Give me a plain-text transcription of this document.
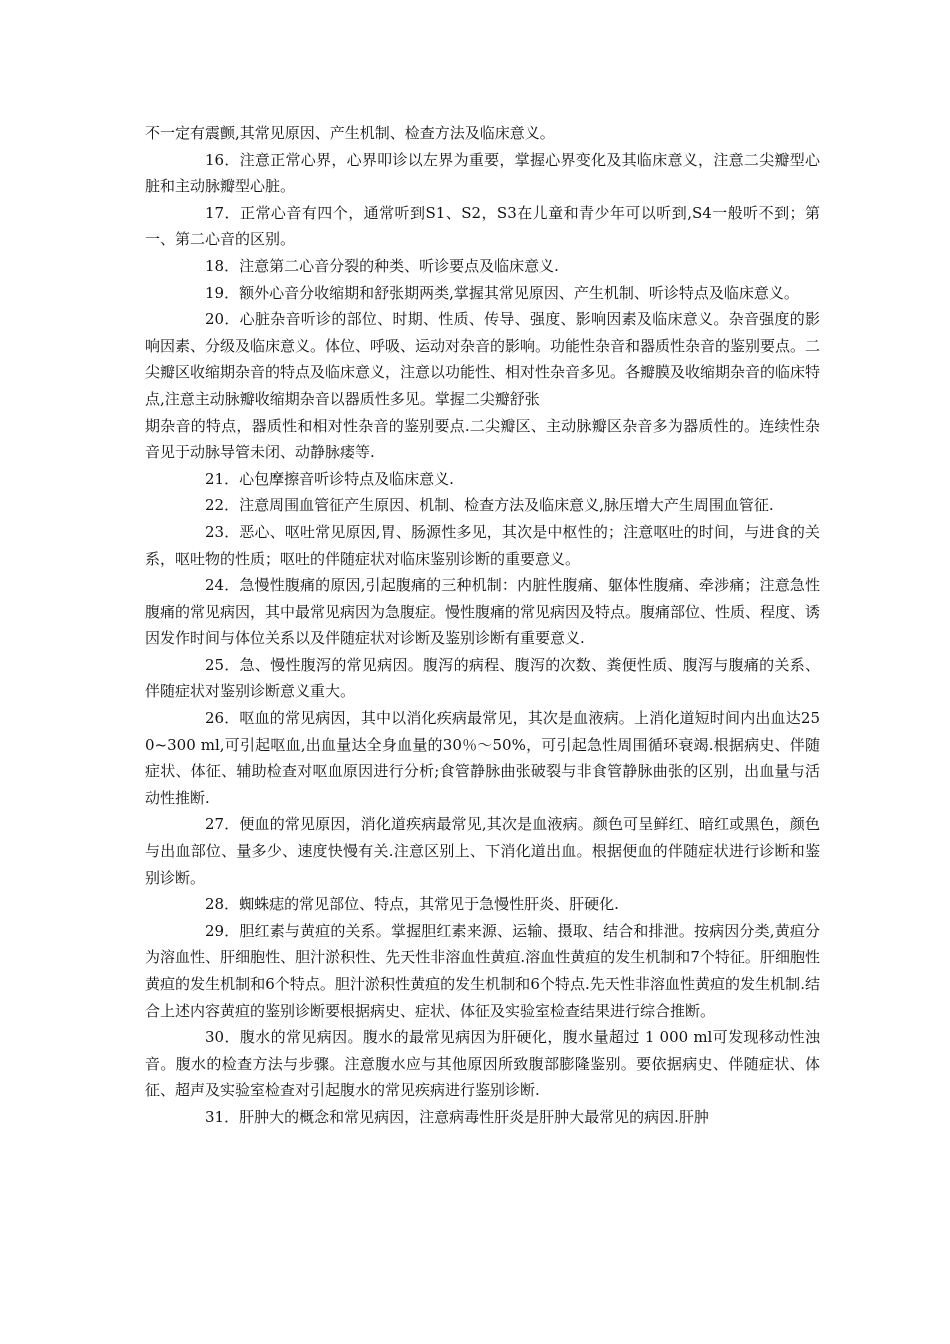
不一定有震颤,其常见原因、产生机制、检查方法及临床意义。

16．注意正常心界，心界叩诊以左界为重要，掌握心界变化及其临床意义，注意二尖瓣型心脏和主动脉瓣型心脏。

17．正常心音有四个，通常听到S1、S2，S3在儿童和青少年可以听到,S4一般听不到；第一、第二心音的区别。

18．注意第二心音分裂的种类、听诊要点及临床意义.

19．额外心音分收缩期和舒张期两类,掌握其常见原因、产生机制、听诊特点及临床意义。

20．心脏杂音听诊的部位、时期、性质、传导、强度、影响因素及临床意义。杂音强度的影响因素、分级及临床意义。体位、呼吸、运动对杂音的影响。功能性杂音和器质性杂音的鉴别要点。二尖瓣区收缩期杂音的特点及临床意义，注意以功能性、相对性杂音多见。各瓣膜及收缩期杂音的临床特点,注意主动脉瓣收缩期杂音以器质性多见。掌握二尖瓣舒张

期杂音的特点，器质性和相对性杂音的鉴别要点.二尖瓣区、主动脉瓣区杂音多为器质性的。连续性杂音见于动脉导管未闭、动静脉瘘等.

21．心包摩擦音听诊特点及临床意义.

22．注意周围血管征产生原因、机制、检查方法及临床意义,脉压增大产生周围血管征.

23．恶心、呕吐常见原因,胃、肠源性多见，其次是中枢性的；注意呕吐的时间，与进食的关系，呕吐物的性质；呕吐的伴随症状对临床鉴别诊断的重要意义。

24．急慢性腹痛的原因,引起腹痛的三种机制：内脏性腹痛、躯体性腹痛、牵涉痛；注意急性腹痛的常见病因，其中最常见病因为急腹症。慢性腹痛的常见病因及特点。腹痛部位、性质、程度、诱因发作时间与体位关系以及伴随症状对诊断及鉴别诊断有重要意义.

25．急、慢性腹泻的常见病因。腹泻的病程、腹泻的次数、粪便性质、腹泻与腹痛的关系、伴随症状对鉴别诊断意义重大。

26．呕血的常见病因，其中以消化疾病最常见，其次是血液病。上消化道短时间内出血达250~300 ml,可引起呕血,出血量达全身血量的30％～50%，可引起急性周围循环衰竭.根据病史、伴随症状、体征、辅助检查对呕血原因进行分析;食管静脉曲张破裂与非食管静脉曲张的区别，出血量与活动性推断.

27．便血的常见原因，消化道疾病最常见,其次是血液病。颜色可呈鲜红、暗红或黑色，颜色与出血部位、量多少、速度快慢有关.注意区别上、下消化道出血。根据便血的伴随症状进行诊断和鉴别诊断。

28．蜘蛛痣的常见部位、特点，其常见于急慢性肝炎、肝硬化.

29．胆红素与黄疸的关系。掌握胆红素来源、运输、摄取、结合和排泄。按病因分类,黄疸分为溶血性、肝细胞性、胆汁淤积性、先天性非溶血性黄疸.溶血性黄疸的发生机制和7个特征。肝细胞性黄疸的发生机制和6个特点。胆汁淤积性黄疸的发生机制和6个特点.先天性非溶血性黄疸的发生机制.结合上述内容黄疸的鉴别诊断要根据病史、症状、体征及实验室检查结果进行综合推断。

30．腹水的常见病因。腹水的最常见病因为肝硬化，腹水量超过 1 000 ml可发现移动性浊音。腹水的检查方法与步骤。注意腹水应与其他原因所致腹部膨隆鉴别。要依据病史、伴随症状、体征、超声及实验室检查对引起腹水的常见疾病进行鉴别诊断.

31．肝肿大的概念和常见病因，注意病毒性肝炎是肝肿大最常见的病因.肝肿
